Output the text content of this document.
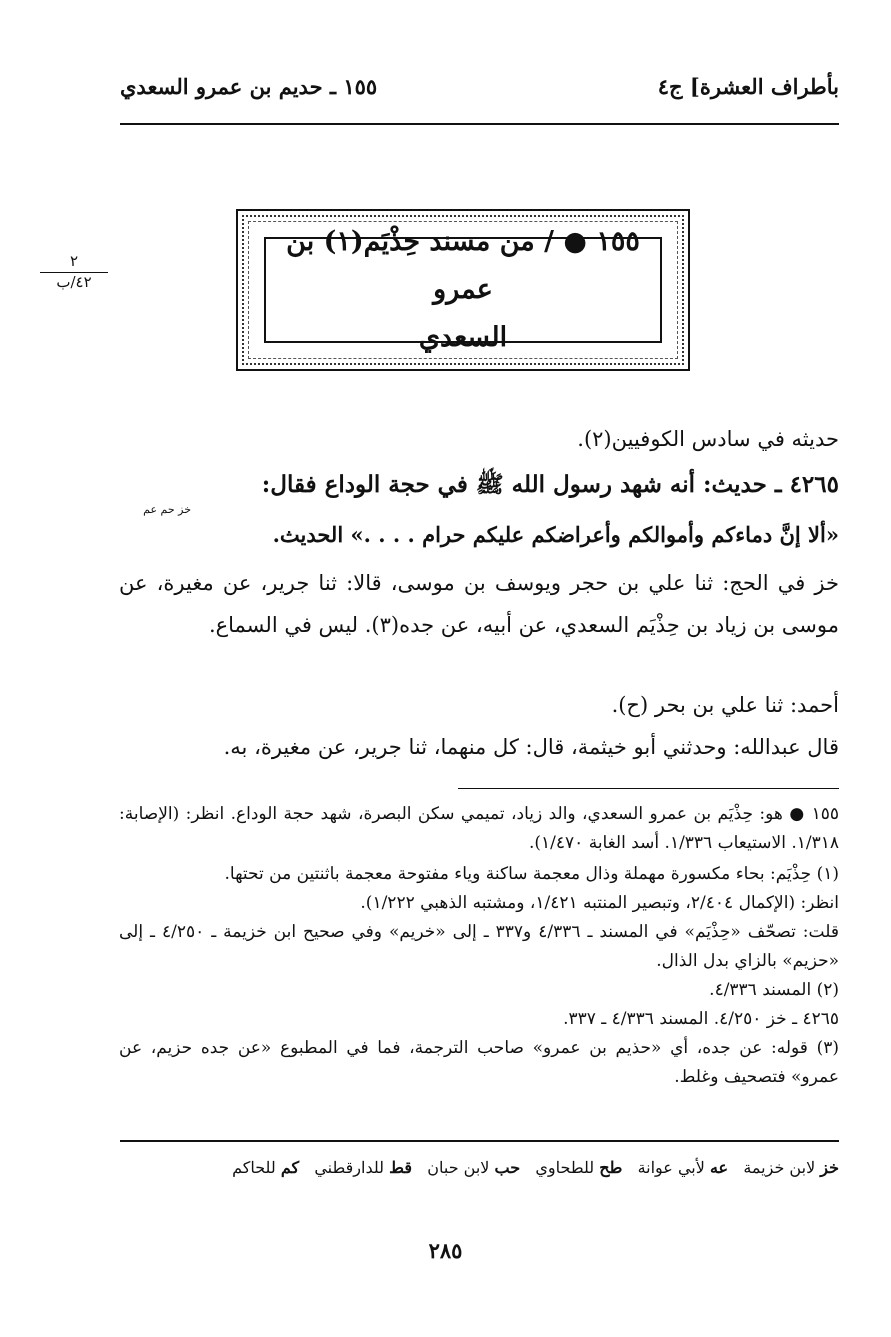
بأطراف العشرة] ج٤
١٥٥ ـ حديم بن عمرو السعدي
٢
٤٢/ب
١٥٥ ● / من مسند حِذْيَم(١) بن عمرو
السعدي
حديثه في سادس الكوفيين(٢).
٤٢٦٥ ـ حديث: أنه شهد رسول الله ﷺ في حجة الوداع فقال:
خز حم عم
«ألا إنَّ دماءكم وأموالكم وأعراضكم عليكم حرام . . . .» الحديث.
خز في الحج: ثنا علي بن حجر ويوسف بن موسى، قالا: ثنا جرير، عن مغيرة، عن موسى بن زياد بن حِذْيَم السعدي، عن أبيه، عن جده(٣). ليس في السماع.
أحمد: ثنا علي بن بحر (ح).
قال عبدالله: وحدثني أبو خيثمة، قال: كل منهما، ثنا جرير، عن مغيرة، به.
١٥٥ ● هو: حِذْيَم بن عمرو السعدي، والد زياد، تميمي سكن البصرة، شهد حجة الوداع. انظر: (الإصابة: ١/٣١٨. الاستيعاب ١/٣٣٦. أسد الغابة ١/٤٧٠).
(١) حِذْيَم: بحاء مكسورة مهملة وذال معجمة ساكنة وياء مفتوحة معجمة باثنتين من تحتها.
انظر: (الإكمال ٢/٤٠٤، وتبصير المنتبه ١/٤٢١، ومشتبه الذهبي ١/٢٢٢).
قلت: تصحّف «حِذْيَم» في المسند ـ ٤/٣٣٦ و٣٣٧ ـ إلى «خريم» وفي صحيح ابن خزيمة ـ ٤/٢٥٠ ـ إلى «حزيم» بالزاي بدل الذال.
(٢) المسند ٤/٣٣٦.
٤٢٦٥ ـ خز ٤/٢٥٠. المسند ٤/٣٣٦ ـ ٣٣٧.
(٣) قوله: عن جده، أي «حذيم بن عمرو» صاحب الترجمة، فما في المطبوع «عن جده حزيم، عن عمرو» فتصحيف وغلط.
خز لابن خزيمة   عه لأبي عوانة   طح للطحاوي   حب لابن حبان   قط للدارقطني   كم للحاكم
٢٨٥
